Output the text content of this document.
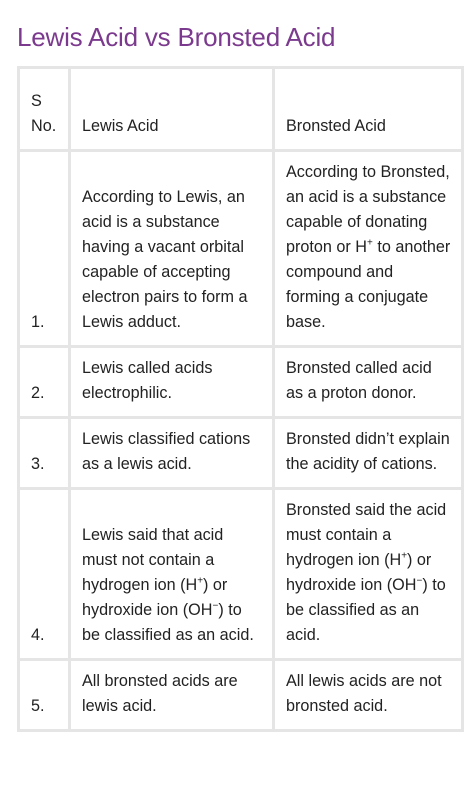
Lewis Acid vs Bronsted Acid
S No.	Lewis Acid	Bronsted Acid
1.	According to Lewis, an acid is a substance having a vacant orbital capable of accepting electron pairs to form a Lewis adduct.	According to Bronsted, an acid is a substance capable of donating proton or H+ to another compound and forming a conjugate base.
2.	Lewis called acids electrophilic.	Bronsted called acid as a proton donor.
3.	Lewis classified cations as a lewis acid.	Bronsted didn’t explain the acidity of cations.
4.	Lewis said that acid must not contain a hydrogen ion (H+) or hydroxide ion (OH−) to be classified as an acid.	Bronsted said the acid must contain a hydrogen ion (H+) or hydroxide ion (OH−) to be classified as an acid.
5.	All bronsted acids are lewis acid.	All lewis acids are not bronsted acid.
